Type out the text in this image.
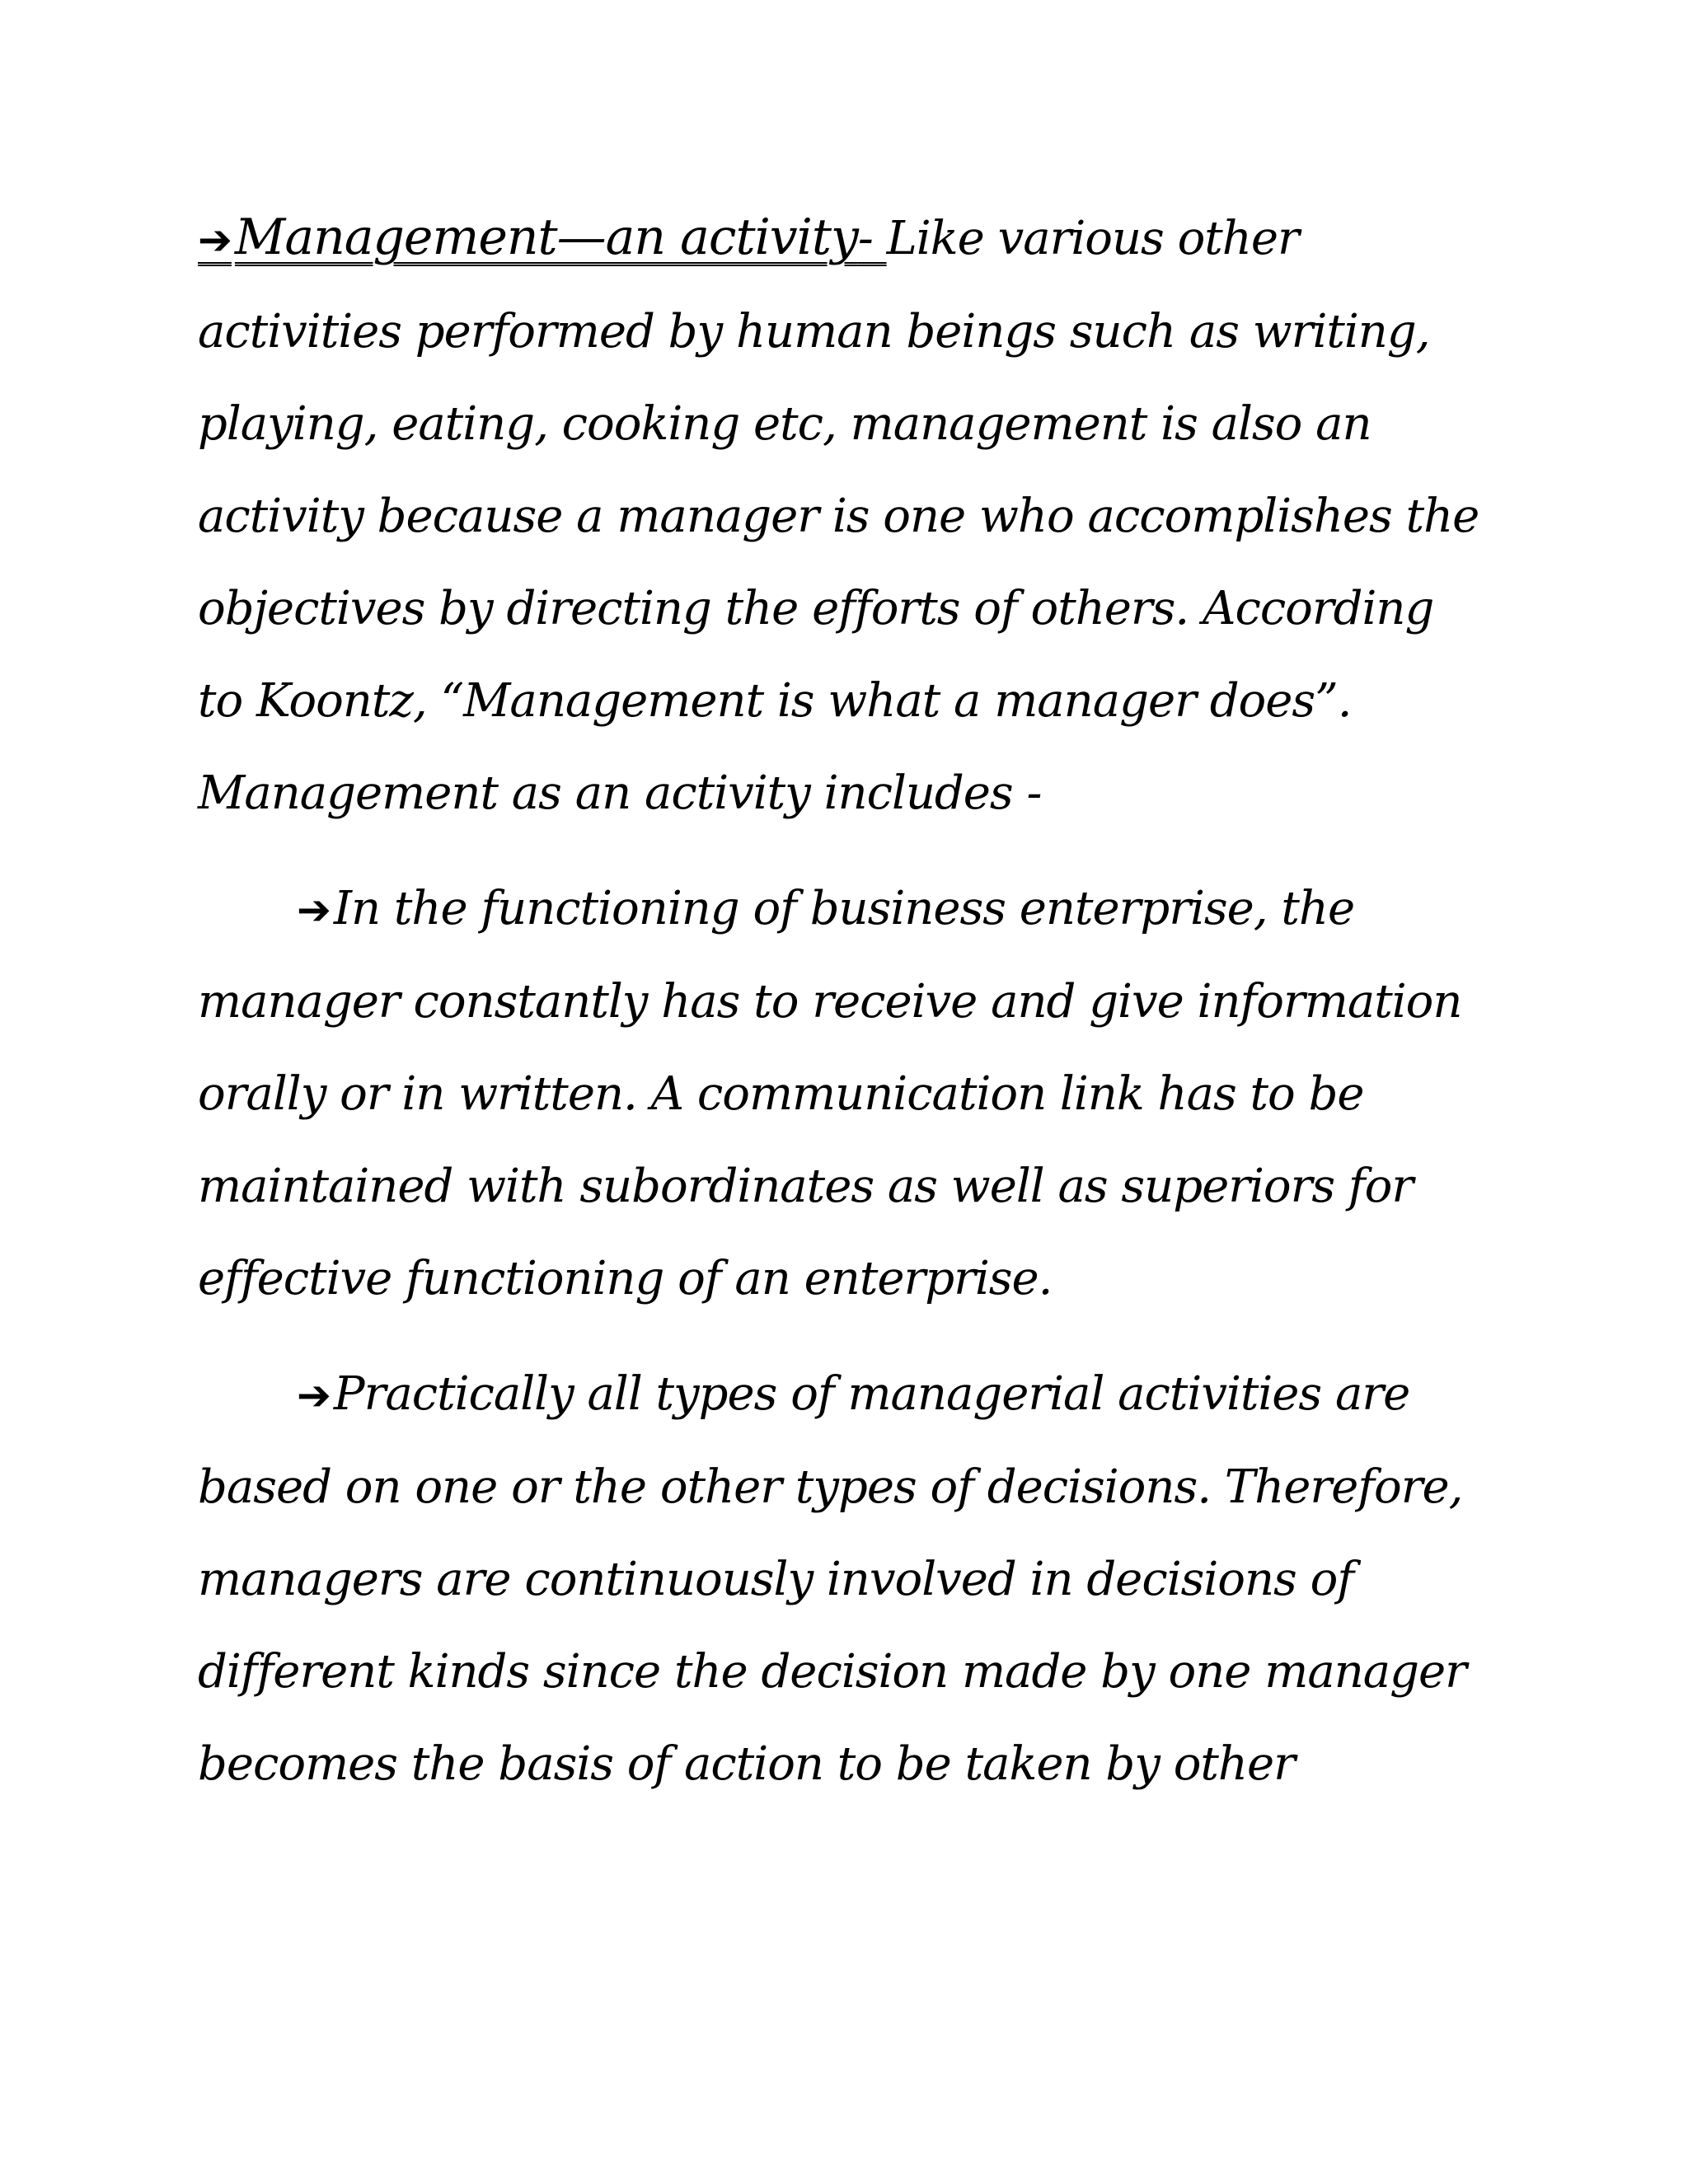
➔Management—an activity- Like various other activities performed by human beings such as writing, playing, eating, cooking etc, management is also an activity because a manager is one who accomplishes the objectives by directing the efforts of others. According to Koontz, “Management is what a manager does”. Management as an activity includes -

➔In the functioning of business enterprise, the manager constantly has to receive and give information orally or in written. A communication link has to be maintained with subordinates as well as superiors for effective functioning of an enterprise.

➔Practically all types of managerial activities are based on one or the other types of decisions. Therefore, managers are continuously involved in decisions of different kinds since the decision made by one manager becomes the basis of action to be taken by other
